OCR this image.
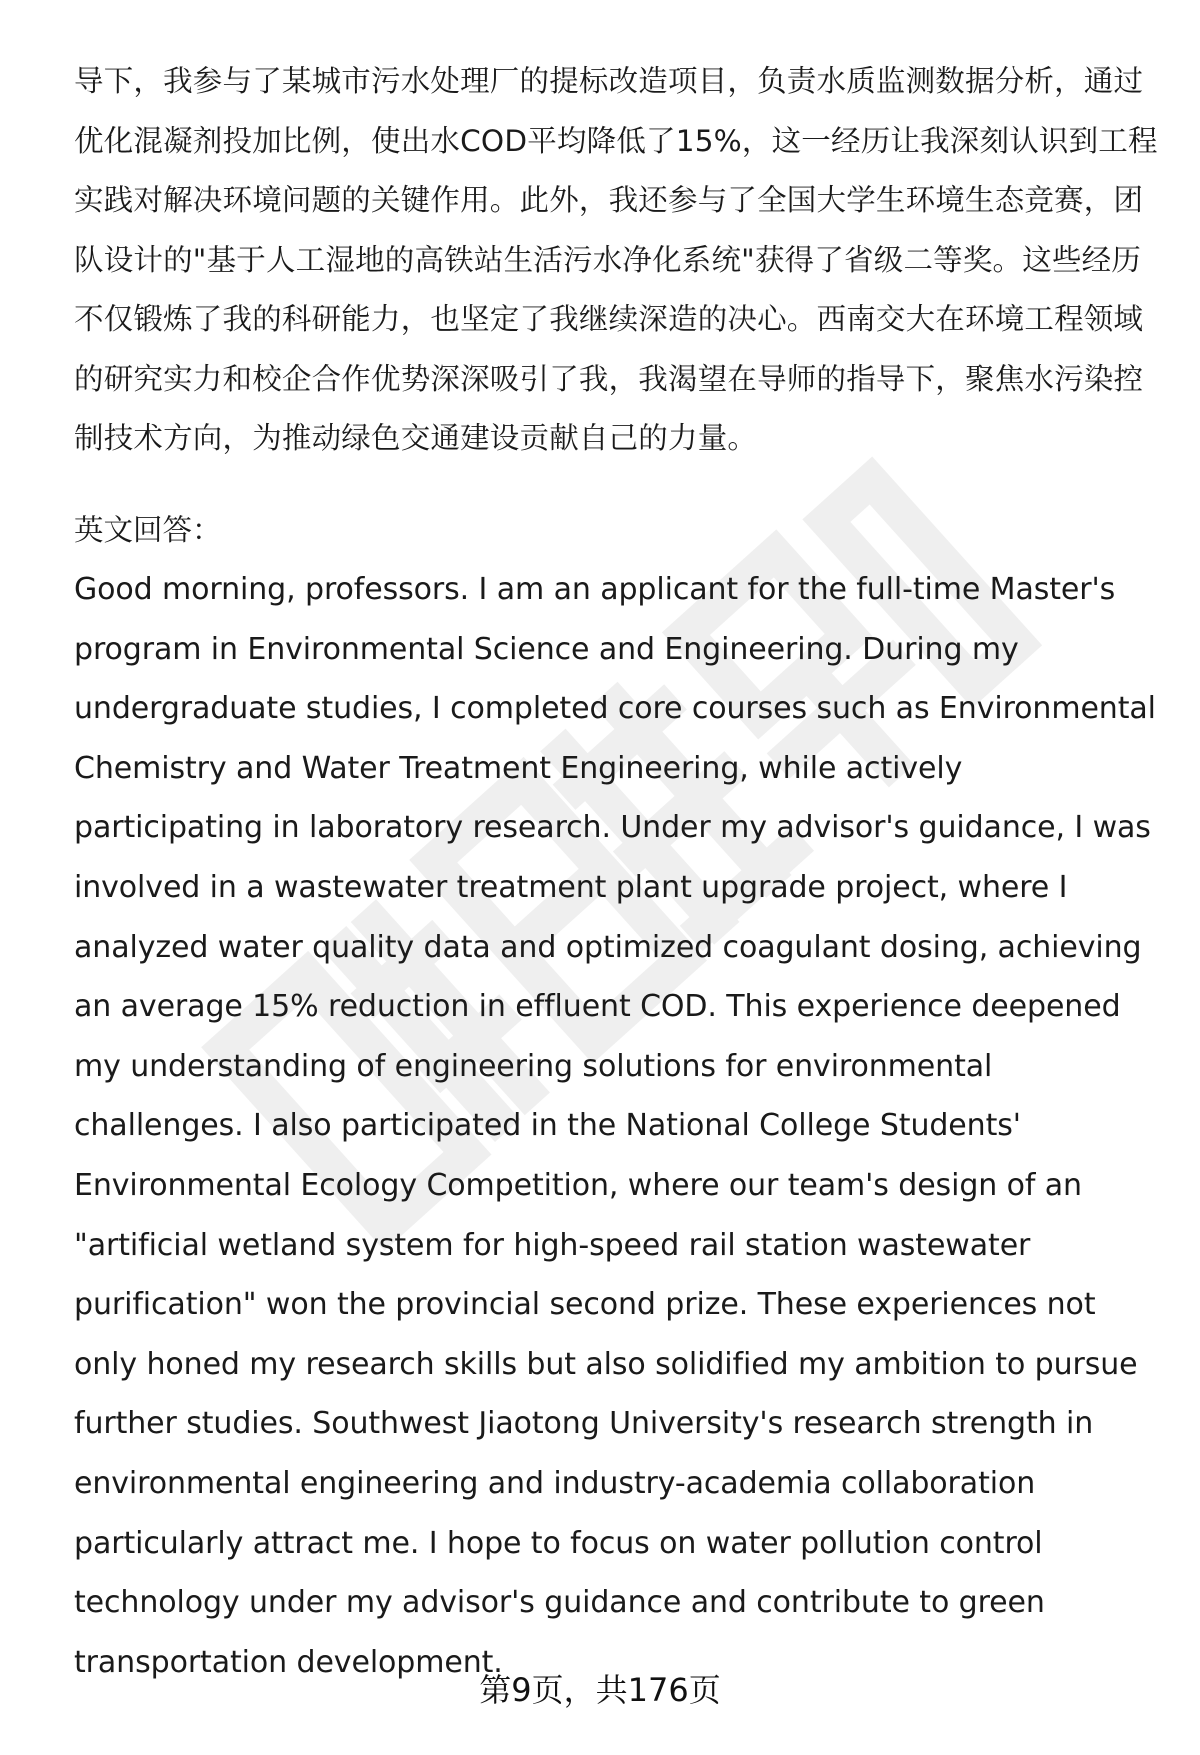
导下，我参与了某城市污水处理厂的提标改造项目，负责水质监测数据分析，通过优化混凝剂投加比例，使出水COD平均降低了15%，这一经历让我深刻认识到工程实践对解决环境问题的关键作用。此外，我还参与了全国大学生环境生态竞赛，团队设计的"基于人工湿地的高铁站生活污水净化系统"获得了省级二等奖。这些经历不仅锻炼了我的科研能力，也坚定了我继续深造的决心。西南交大在环境工程领域的研究实力和校企合作优势深深吸引了我，我渴望在导师的指导下，聚焦水污染控制技术方向，为推动绿色交通建设贡献自己的力量。

英文回答：

Good morning, professors. I am an applicant for the full-time Master's program in Environmental Science and Engineering. During my undergraduate studies, I completed core courses such as Environmental Chemistry and Water Treatment Engineering, while actively participating in laboratory research. Under my advisor's guidance, I was involved in a wastewater treatment plant upgrade project, where I analyzed water quality data and optimized coagulant dosing, achieving an average 15% reduction in effluent COD. This experience deepened my understanding of engineering solutions for environmental challenges. I also participated in the National College Students' Environmental Ecology Competition, where our team's design of an "artificial wetland system for high-speed rail station wastewater purification" won the provincial second prize. These experiences not only honed my research skills but also solidified my ambition to pursue further studies. Southwest Jiaotong University's research strength in environmental engineering and industry-academia collaboration particularly attract me. I hope to focus on water pollution control technology under my advisor's guidance and contribute to green transportation development.

第9页，共176页
